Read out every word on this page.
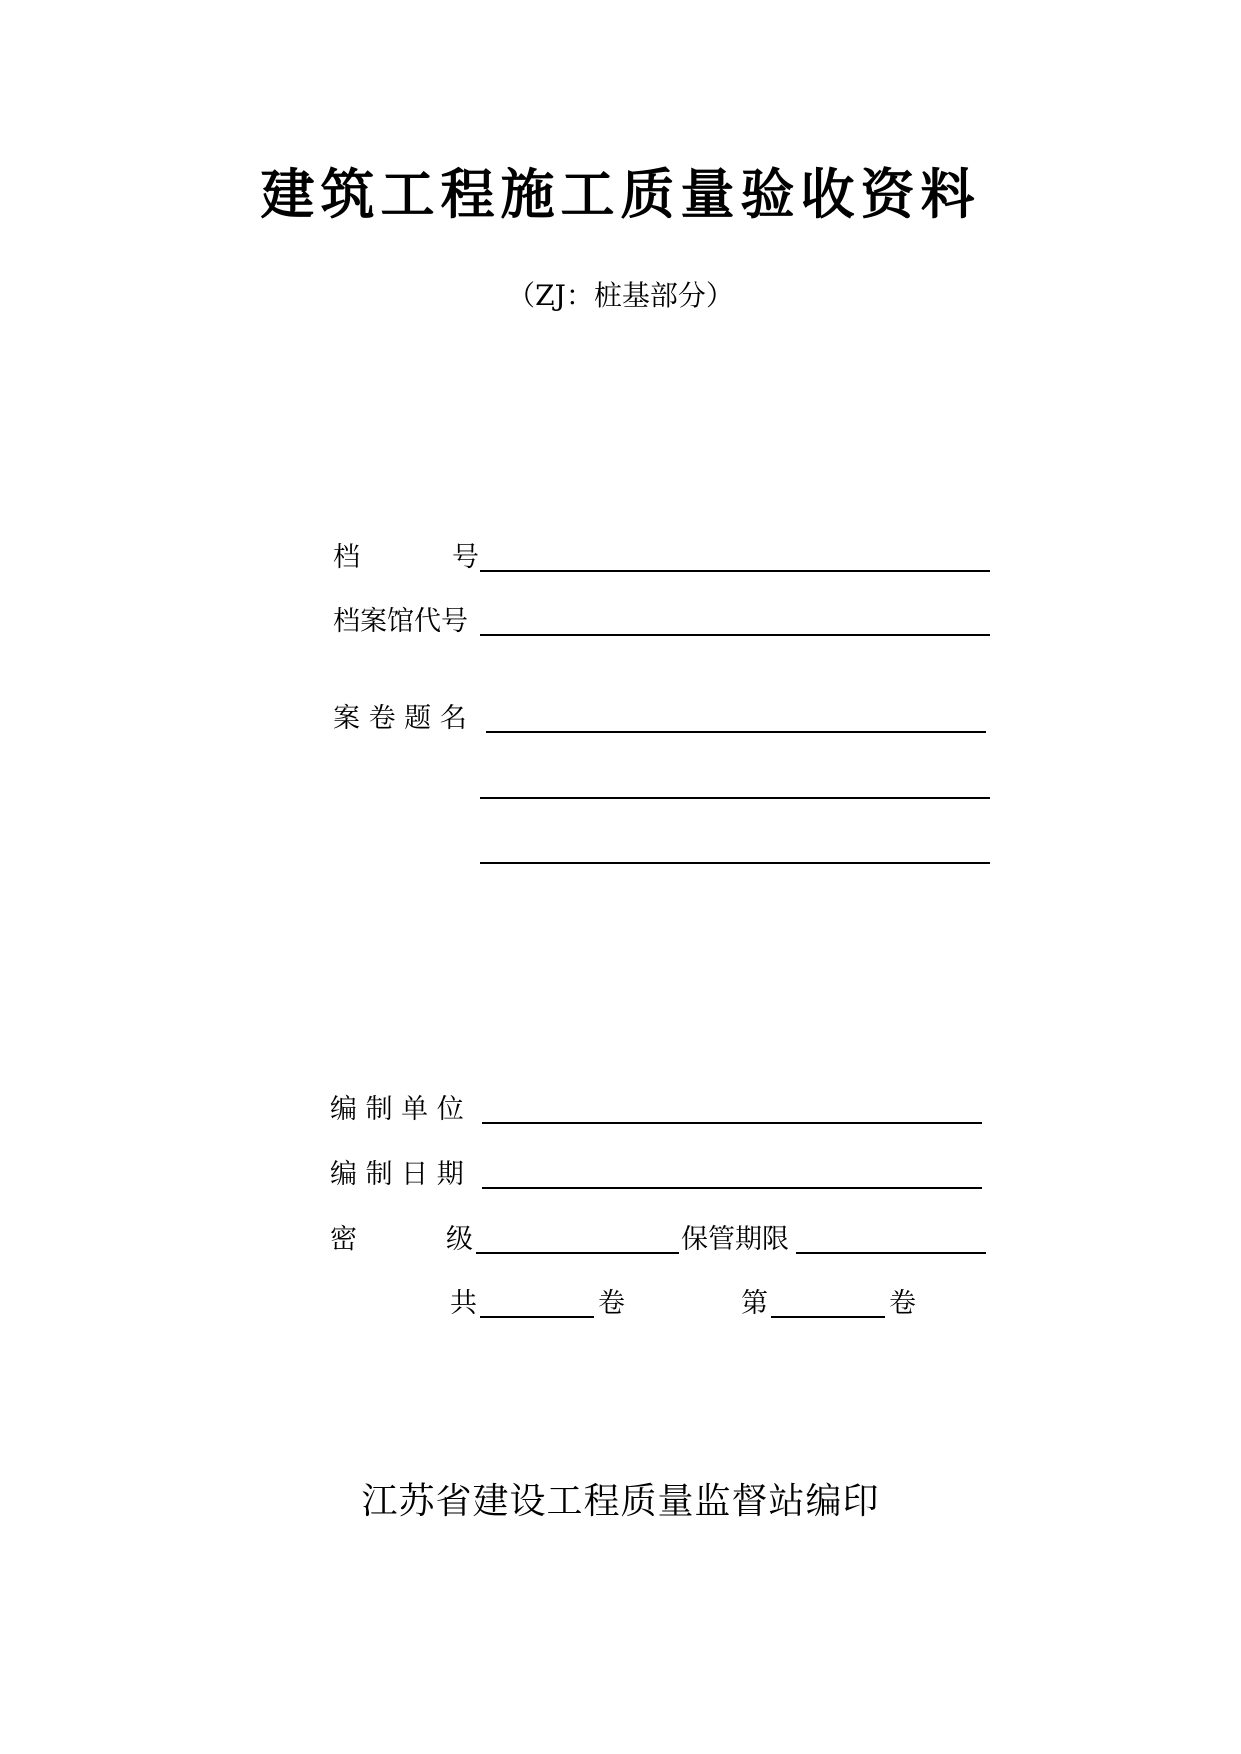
建筑工程施工质量验收资料
（ZJ：桩基部分）
档	号
档案馆代号
案 卷 题 名
编 制 单 位
编 制 日 期
密	级	保管期限
共	卷	第	卷
江苏省建设工程质量监督站编印
